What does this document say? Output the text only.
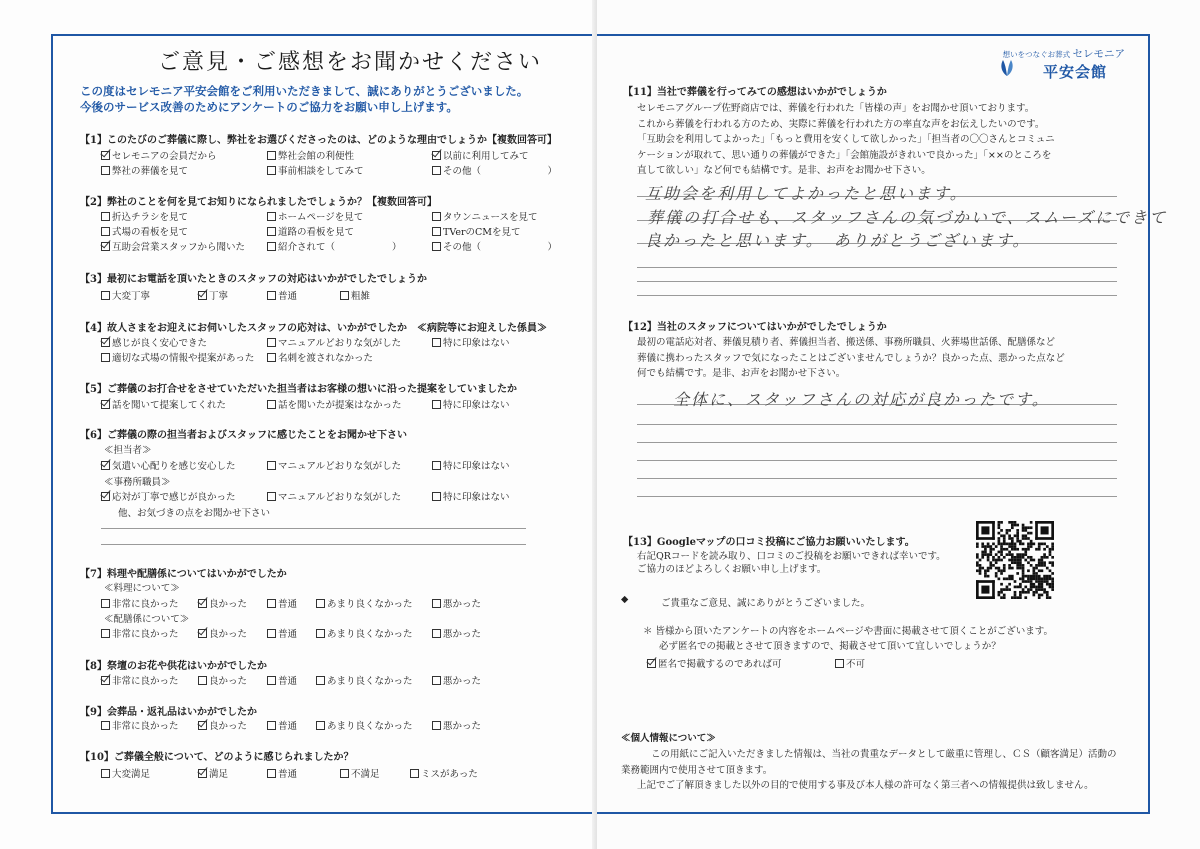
ご意見・ご感想をお聞かせください
この度はセレモニア平安会館をご利用いただきまして、誠にありがとうございました。
今後のサービス改善のためにアンケートのご協力をお願い申し上げます。
【1】このたびのご葬儀に際し、弊社をお選びくださったのは、どのような理由でしょうか【複数回答可】
セレモニアの会員だから	弊社会館の利便性	以前に利用してみて
弊社の葬儀を見て	事前相談をしてみて	その他（　　　　　　　）
【2】弊社のことを何を見てお知りになられましたでしょうか？【複数回答可】
折込チラシを見て	ホームページを見て	タウンニュースを見て
式場の看板を見て	道路の看板を見て	TVerのCMを見て
互助会営業スタッフから聞いた	紹介されて（　　　　　　）	その他（　　　　　　　）
【3】最初にお電話を頂いたときのスタッフの対応はいかがでしたでしょうか
大変丁寧	丁寧	普通	粗雑
【4】故人さまをお迎えにお伺いしたスタッフの応対は、いかがでしたか　≪病院等にお迎えした係員≫
感じが良く安心できた	マニュアルどおりな気がした	特に印象はない
適切な式場の情報や提案があった	名刺を渡されなかった
【5】ご葬儀のお打合せをさせていただいた担当者はお客様の想いに沿った提案をしていましたか
話を聞いて提案してくれた	話を聞いたが提案はなかった	特に印象はない
【6】ご葬儀の際の担当者およびスタッフに感じたことをお聞かせ下さい
≪担当者≫
気遣い心配りを感じ安心した	マニュアルどおりな気がした	特に印象はない
≪事務所職員≫
応対が丁寧で感じが良かった	マニュアルどおりな気がした	特に印象はない
他、お気づきの点をお聞かせ下さい
【7】料理や配膳係についてはいかがでしたか
≪料理について≫
非常に良かった	良かった	普通	あまり良くなかった	悪かった
≪配膳係について≫
非常に良かった	良かった	普通	あまり良くなかった	悪かった
【8】祭壇のお花や供花はいかがでしたか
非常に良かった	良かった	普通	あまり良くなかった	悪かった
【9】会葬品・返礼品はいかがでしたか
非常に良かった	良かった	普通	あまり良くなかった	悪かった
【10】ご葬儀全般について、どのように感じられましたか？
大変満足	満足	普通	不満足	ミスがあった
想いをつなぐお葬式 セレモニア
平安会館
【11】当社で葬儀を行ってみての感想はいかがでしょうか
セレモニアグループ佐野商店では、葬儀を行われた「皆様の声」をお聞かせ頂いております。
これから葬儀を行われる方のため、実際に葬儀を行われた方の率直な声をお伝えしたいのです。
「互助会を利用してよかった」「もっと費用を安くして欲しかった」「担当者の〇〇さんとコミュニ
ケーションが取れて、思い通りの葬儀ができた」「会館施設がきれいで良かった」「××のところを
直して欲しい」など何でも結構です。是非、お声をお聞かせ下さい。
互助会を利用してよかったと思います。
葬儀の打合せも、スタッフさんの気づかいで、スムーズにできて
良かったと思います。　ありがとうございます。
【12】当社のスタッフについてはいかがでしたでしょうか
最初の電話応対者、葬儀見積り者、葬儀担当者、搬送係、事務所職員、火葬場世話係、配膳係など
葬儀に携わったスタッフで気になったことはございませんでしょうか？良かった点、悪かった点など
何でも結構です。是非、お声をお聞かせ下さい。
全体に、スタッフさんの対応が良かったです。
【13】Googleマップの口コミ投稿にご協力お願いいたします。
右記QRコードを読み取り、口コミのご投稿をお願いできれば幸いです。
ご協力のほどよろしくお願い申し上げます。
◆	ご貴重なご意見、誠にありがとうございました。
＊ 皆様から頂いたアンケートの内容をホームページや書面に掲載させて頂くことがございます。
必ず匿名での掲載とさせて頂きますので、掲載させて頂いて宜しいでしょうか？
匿名で掲載するのであれば可	不可
≪個人情報について≫
この用紙にご記入いただきました情報は、当社の貴重なデータとして厳重に管理し、ＣＳ（顧客満足）活動の
業務範囲内で使用させて頂きます。
上記でご了解頂きました以外の目的で使用する事及び本人様の許可なく第三者への情報提供は致しません。
